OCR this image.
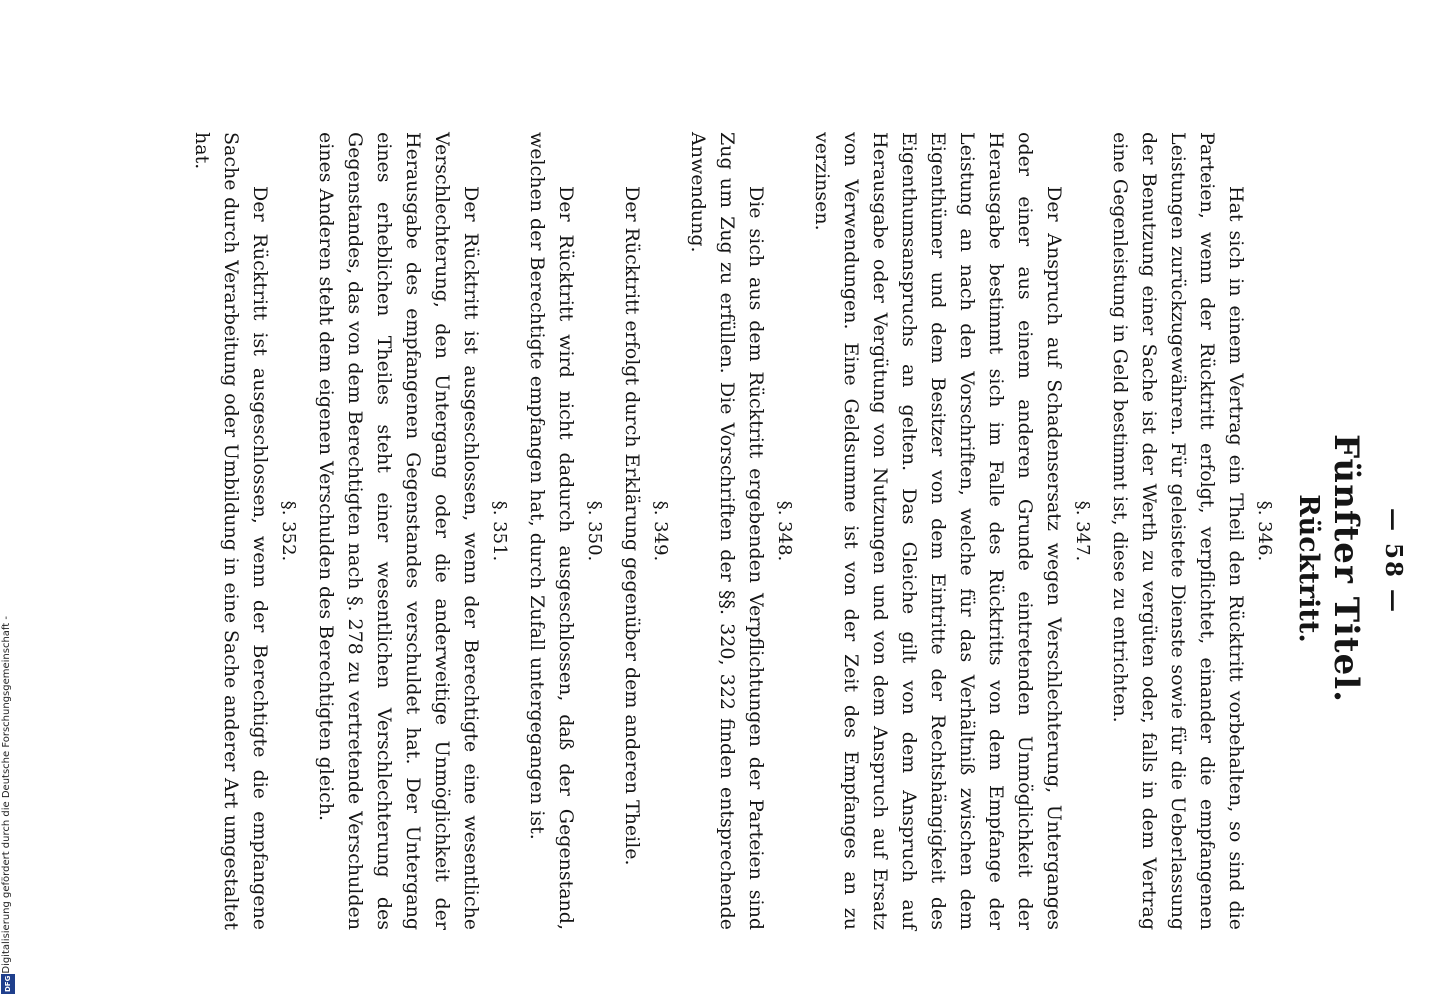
Digitalisierung gefördert durch die Deutsche Forschungsgemeinschaft -
DFG
— 58 —
Fünfter Titel.
Rücktritt.
§. 346.

Hat sich in einem Vertrag ein Theil den Rücktritt vorbehalten, so sind die Parteien, wenn der Rücktritt erfolgt, verpflichtet, einander die empfangenen Leistungen zurückzugewähren. Für geleistete Dienste sowie für die Ueberlassung der Benutzung einer Sache ist der Werth zu vergüten oder, falls in dem Vertrag eine Gegenleistung in Geld bestimmt ist, diese zu entrichten.

§. 347.

Der Anspruch auf Schadensersatz wegen Verschlechterung, Unterganges oder einer aus einem anderen Grunde eintretenden Unmöglichkeit der Herausgabe bestimmt sich im Falle des Rücktritts von dem Empfange der Leistung an nach den Vorschriften, welche für das Verhältniß zwischen dem Eigenthümer und dem Besitzer von dem Eintritte der Rechtshängigkeit des Eigenthumsanspruchs an gelten. Das Gleiche gilt von dem Anspruch auf Herausgabe oder Vergütung von Nutzungen und von dem Anspruch auf Ersatz von Verwendungen. Eine Geldsumme ist von der Zeit des Empfanges an zu verzinsen.

§. 348.

Die sich aus dem Rücktritt ergebenden Verpflichtungen der Parteien sind Zug um Zug zu erfüllen. Die Vorschriften der §§. 320, 322 finden entsprechende Anwendung.

§. 349.

Der Rücktritt erfolgt durch Erklärung gegenüber dem anderen Theile.

§. 350.

Der Rücktritt wird nicht dadurch ausgeschlossen, daß der Gegenstand, welchen der Berechtigte empfangen hat, durch Zufall untergegangen ist.

§. 351.

Der Rücktritt ist ausgeschlossen, wenn der Berechtigte eine wesentliche Verschlechterung, den Untergang oder die anderweitige Unmöglichkeit der Herausgabe des empfangenen Gegenstandes verschuldet hat. Der Untergang eines erheblichen Theiles steht einer wesentlichen Verschlechterung des Gegenstandes, das von dem Berechtigten nach §. 278 zu vertretende Verschulden eines Anderen steht dem eigenen Verschulden des Berechtigten gleich.

§. 352.

Der Rücktritt ist ausgeschlossen, wenn der Berechtigte die empfangene Sache durch Verarbeitung oder Umbildung in eine Sache anderer Art umgestaltet hat.
